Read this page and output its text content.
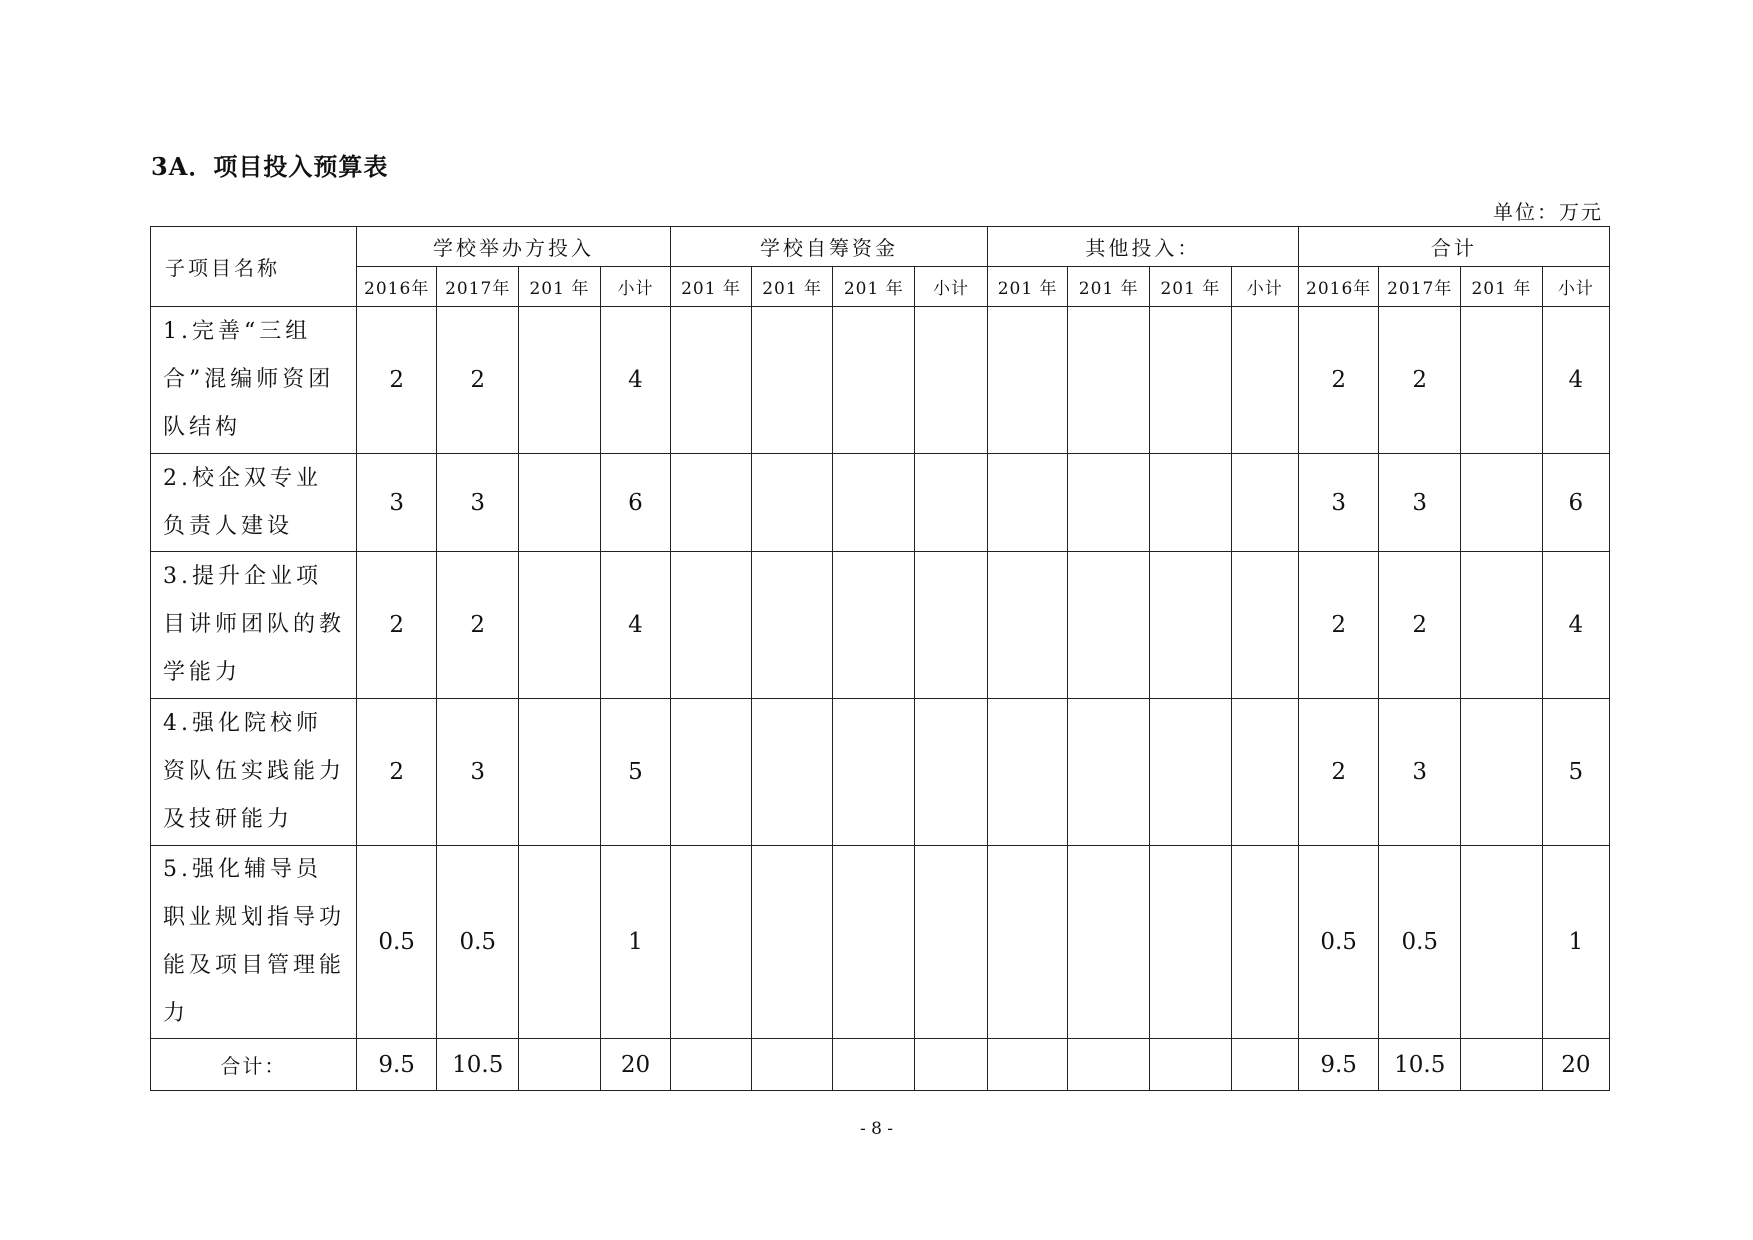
3A．项目投入预算表
单位：万元
子项目名称	学校举办方投入				学校自筹资金				其他投入：				合计			
	2016年	2017年	201 年	小计	201 年	201 年	201 年	小计	201 年	201 年	201 年	小计	2016年	2017年	201 年	小计
1.完善“三组合”混编师资团队结构	2	2		4									2	2		4
2.校企双专业负责人建设	3	3		6									3	3		6
3.提升企业项目讲师团队的教学能力	2	2		4									2	2		4
4.强化院校师资队伍实践能力及技研能力	2	3		5									2	3		5
5.强化辅导员职业规划指导功能及项目管理能力	0.5	0.5		1									0.5	0.5		1
合计：	9.5	10.5		20									9.5	10.5		20
- 8 -
